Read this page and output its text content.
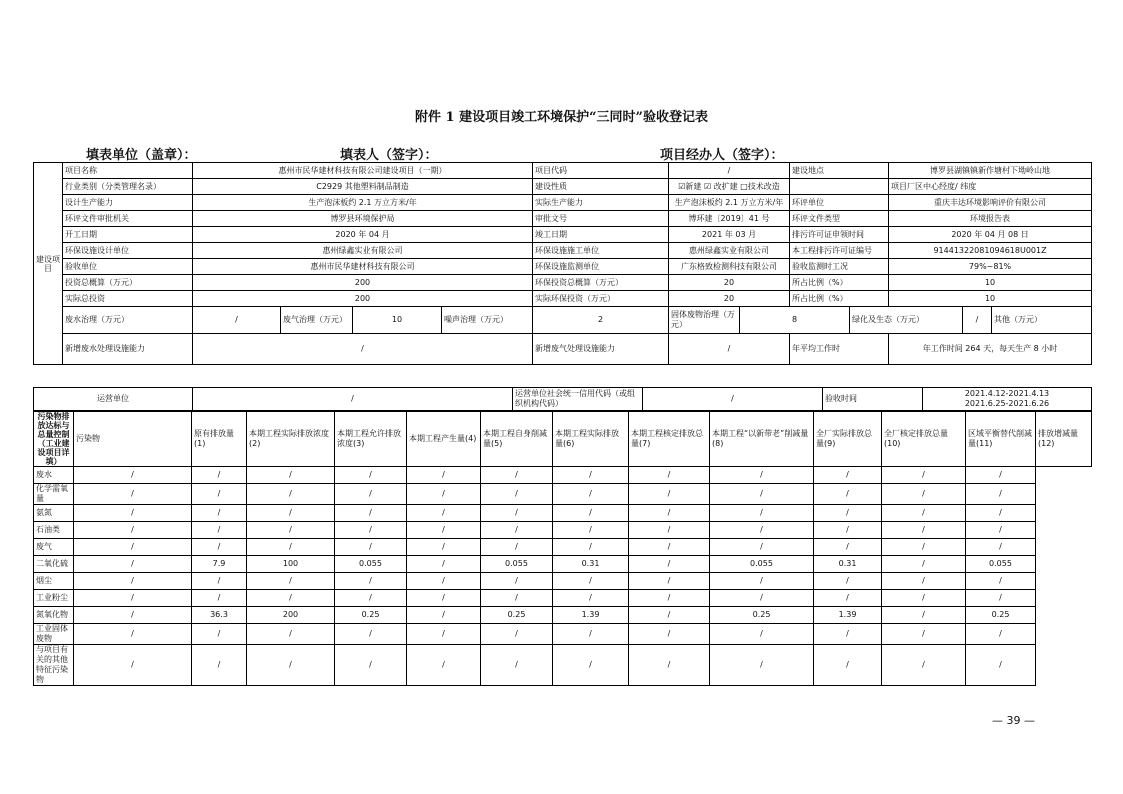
附件 1 建设项目竣工环境保护“三同时”验收登记表
填表单位（盖章）：	填表人（签字）：	项目经办人（签字）：
建设项目	项目名称	惠州市民华建材科技有限公司建设项目（一期）				项目代码	/		建设地点		博罗县湖镇镇新作塘村下坳岭山地		
	行业类别（分类管理名录）	C2929 其他塑料制品制造				建设性质	☑新建 ☑ 改扩建 □技术改造				项目厂区中心经度/ 纬度		
	设计生产能力	生产泡沫板约 2.1 万立方米/年				实际生产能力	生产泡沫板约 2.1 万立方米/年		环评单位		重庆丰达环境影响评价有限公司		
	环评文件审批机关	博罗县环境保护局				审批文号	博环建〔2019〕41 号		环评文件类型		环境报告表		
	开工日期	2020 年 04 月				竣工日期	2021 年 03 月		排污许可证申领时间		2020 年 04 月 08 日		
	环保设施设计单位	惠州绿鑫实业有限公司				环保设施施工单位	惠州绿鑫实业有限公司		本工程排污许可证编号		91441322081094618U001Z		
	验收单位	惠州市民华建材科技有限公司				环保设施监测单位	广东格致检测科技有限公司		验收监测时工况		79%~81%		
	投资总概算（万元）	200				环保投资总概算（万元）	20		所占比例（%）		10		
	实际总投资	200				实际环保投资（万元）	20		所占比例（%）		10		
	废水治理（万元）	/	废气治理（万元）	10	噪声治理（万元）	2	固体废物治理（万元）	8		绿化及生态（万元）		/	其他（万元）
	新增废水处理设施能力	/				新增废气处理设施能力	/		年平均工作时		年工作时间 264 天，每天生产 8 小时		
运营单位	/	运营单位社会统一信用代码（或组织机构代码）	/	验收时间	2021.4.12-2021.4.13
2021.6.25-2021.6.26
污染物排放达标与总量控制（工业建设项目详填）	污染物	原有排放量(1)	本期工程实际排放浓度(2)	本期工程允许排放浓度(3)	本期工程产生量(4)	本期工程自身削减量(5)	本期工程实际排放量(6)	本期工程核定排放总量(7)	本期工程“以新带老”削减量(8)	全厂实际排放总量(9)	全厂核定排放总量(10)	区域平衡替代削减量(11)	排放增减量(12)
废水	/	/	/	/	/	/	/	/	/	/	/	/	
化学需氧量	/	/	/	/	/	/	/	/	/	/	/	/	
氨氮	/	/	/	/	/	/	/	/	/	/	/	/	
石油类	/	/	/	/	/	/	/	/	/	/	/	/	
废气	/	/	/	/	/	/	/	/	/	/	/	/	
二氧化硫	/	7.9	100	0.055	/	0.055	0.31	/	0.055	0.31	/	0.055	
烟尘	/	/	/	/	/	/	/	/	/	/	/	/	
工业粉尘	/	/	/	/	/	/	/	/	/	/	/	/	
氮氧化物	/	36.3	200	0.25	/	0.25	1.39	/	0.25	1.39	/	0.25	
工业固体废物	/	/	/	/	/	/	/	/	/	/	/	/	
与项目有关的其他特征污染物	/	/	/	/	/	/	/	/	/	/	/	/	
— 39 —
